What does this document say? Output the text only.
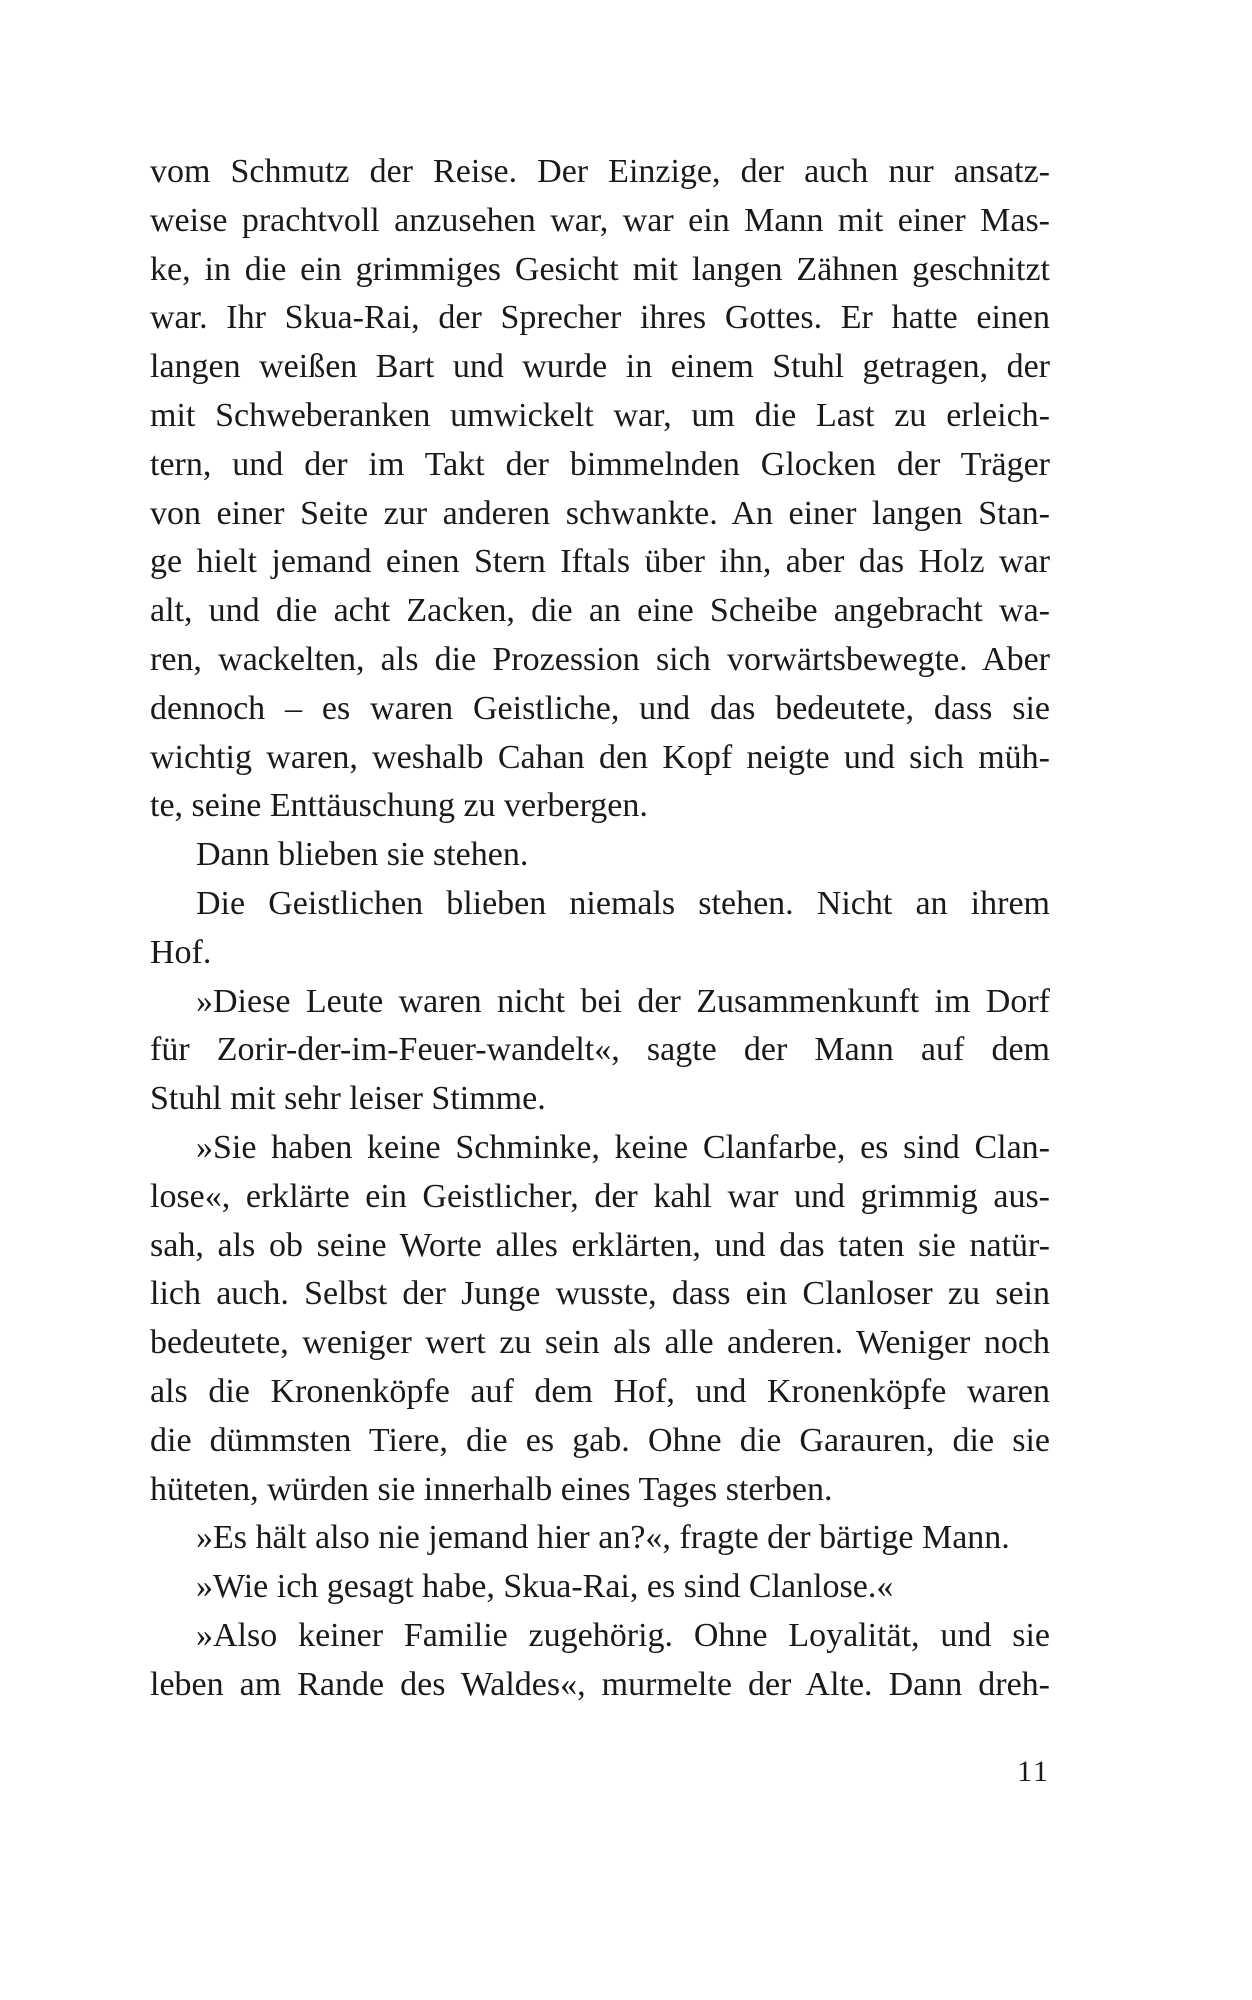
vom Schmutz der Reise. Der Einzige, der auch nur ansatz-
weise prachtvoll anzusehen war, war ein Mann mit einer Mas-
ke, in die ein grimmiges Gesicht mit langen Zähnen geschnitzt
war. Ihr Skua-Rai, der Sprecher ihres Gottes. Er hatte einen
langen weißen Bart und wurde in einem Stuhl getragen, der
mit Schweberanken umwickelt war, um die Last zu erleich-
tern, und der im Takt der bimmelnden Glocken der Träger
von einer Seite zur anderen schwankte. An einer langen Stan-
ge hielt jemand einen Stern Iftals über ihn, aber das Holz war
alt, und die acht Zacken, die an eine Scheibe angebracht wa-
ren, wackelten, als die Prozession sich vorwärtsbewegte. Aber
dennoch – es waren Geistliche, und das bedeutete, dass sie
wichtig waren, weshalb Cahan den Kopf neigte und sich müh-
te, seine Enttäuschung zu verbergen.
Dann blieben sie stehen.
Die Geistlichen blieben niemals stehen. Nicht an ihrem
Hof.
»Diese Leute waren nicht bei der Zusammenkunft im Dorf
für Zorir-der-im-Feuer-wandelt«, sagte der Mann auf dem
Stuhl mit sehr leiser Stimme.
»Sie haben keine Schminke, keine Clanfarbe, es sind Clan-
lose«, erklärte ein Geistlicher, der kahl war und grimmig aus-
sah, als ob seine Worte alles erklärten, und das taten sie natür-
lich auch. Selbst der Junge wusste, dass ein Clanloser zu sein
bedeutete, weniger wert zu sein als alle anderen. Weniger noch
als die Kronenköpfe auf dem Hof, und Kronenköpfe waren
die dümmsten Tiere, die es gab. Ohne die Garauren, die sie
hüteten, würden sie innerhalb eines Tages sterben.
»Es hält also nie jemand hier an?«, fragte der bärtige Mann.
»Wie ich gesagt habe, Skua-Rai, es sind Clanlose.«
»Also keiner Familie zugehörig. Ohne Loyalität, und sie
leben am Rande des Waldes«, murmelte der Alte. Dann dreh-
11
